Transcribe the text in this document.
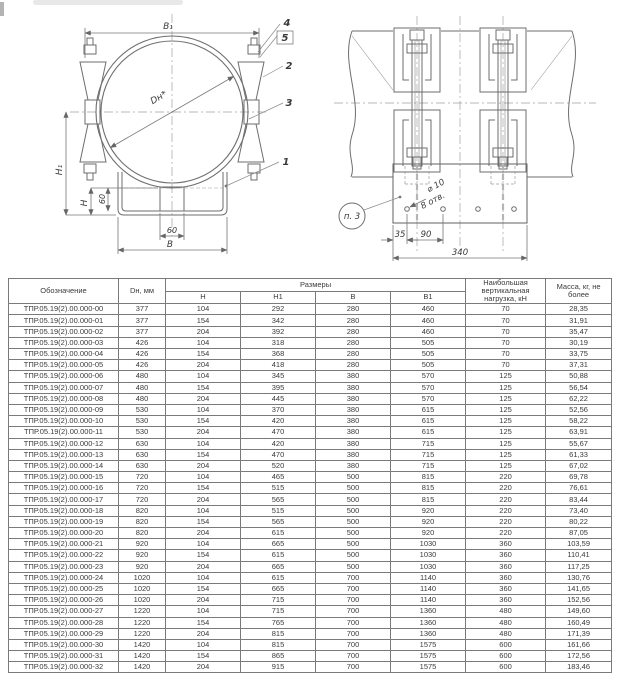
B₁
Dн*
H₁
H 60
60
B
4
5
2
3
1
⌀ 10
8 отв.
п. 3
35 90
340
Обозначение	Dн, мм	Размеры				Наибольшая вертикальная нагрузка, кН	Масса, кг, не более
		H	H1	B	B1		
ТПР.05.19(2).00.000-00	377	104	292	280	460	70	28,35
ТПР.05.19(2).00.000-01	377	154	342	280	460	70	31,91
ТПР.05.19(2).00.000-02	377	204	392	280	460	70	35,47
ТПР.05.19(2).00.000-03	426	104	318	280	505	70	30,19
ТПР.05.19(2).00.000-04	426	154	368	280	505	70	33,75
ТПР.05.19(2).00.000-05	426	204	418	280	505	70	37,31
ТПР.05.19(2).00.000-06	480	104	345	380	570	125	50,88
ТПР.05.19(2).00.000-07	480	154	395	380	570	125	56,54
ТПР.05.19(2).00.000-08	480	204	445	380	570	125	62,22
ТПР.05.19(2).00.000-09	530	104	370	380	615	125	52,56
ТПР.05.19(2).00.000-10	530	154	420	380	615	125	58,22
ТПР.05.19(2).00.000-11	530	204	470	380	615	125	63,91
ТПР.05.19(2).00.000-12	630	104	420	380	715	125	55,67
ТПР.05.19(2).00.000-13	630	154	470	380	715	125	61,33
ТПР.05.19(2).00.000-14	630	204	520	380	715	125	67,02
ТПР.05.19(2).00.000-15	720	104	465	500	815	220	69,78
ТПР.05.19(2).00.000-16	720	154	515	500	815	220	76,61
ТПР.05.19(2).00.000-17	720	204	565	500	815	220	83,44
ТПР.05.19(2).00.000-18	820	104	515	500	920	220	73,40
ТПР.05.19(2).00.000-19	820	154	565	500	920	220	80,22
ТПР.05.19(2).00.000-20	820	204	615	500	920	220	87,05
ТПР.05.19(2).00.000-21	920	104	665	500	1030	360	103,59
ТПР.05.19(2).00.000-22	920	154	615	500	1030	360	110,41
ТПР.05.19(2).00.000-23	920	204	665	500	1030	360	117,25
ТПР.05.19(2).00.000-24	1020	104	615	700	1140	360	130,76
ТПР.05.19(2).00.000-25	1020	154	665	700	1140	360	141,65
ТПР.05.19(2).00.000-26	1020	204	715	700	1140	360	152,56
ТПР.05.19(2).00.000-27	1220	104	715	700	1360	480	149,60
ТПР.05.19(2).00.000-28	1220	154	765	700	1360	480	160,49
ТПР.05.19(2).00.000-29	1220	204	815	700	1360	480	171,39
ТПР.05.19(2).00.000-30	1420	104	815	700	1575	600	161,66
ТПР.05.19(2).00.000-31	1420	154	865	700	1575	600	172,56
ТПР.05.19(2).00.000-32	1420	204	915	700	1575	600	183,46
